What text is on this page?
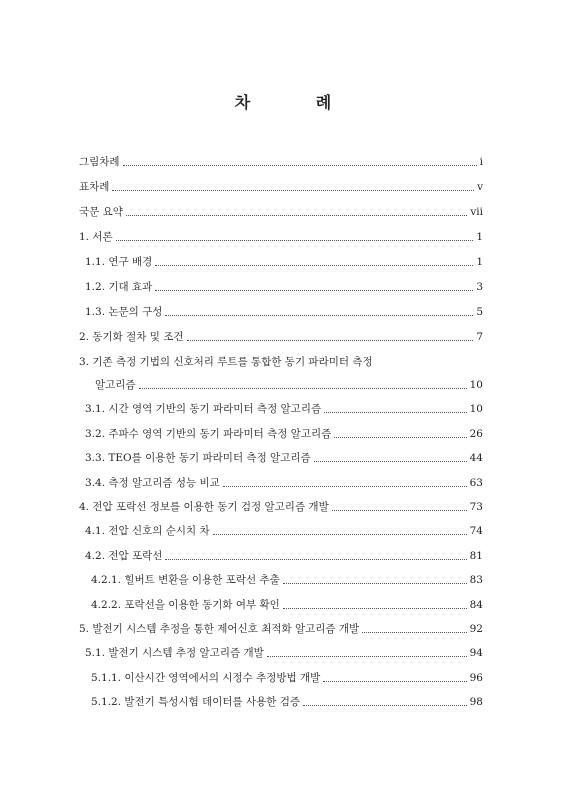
차 례
그림차례	i
표차례	v
국문 요약	vii
1. 서론	1
1.1. 연구 배경	1
1.2. 기대 효과	3
1.3. 논문의 구성	5
2. 동기화 절차 및 조건	7
3. 기존 측정 기법의 신호처리 루트를 통합한 동기 파라미터 측정
알고리즘	10
3.1. 시간 영역 기반의 동기 파라미터 측정 알고리즘	10
3.2. 주파수 영역 기반의 동기 파라미터 측정 알고리즘	26
3.3. TEO를 이용한 동기 파라미터 측정 알고리즘	44
3.4. 측정 알고리즘 성능 비교	63
4. 전압 포락선 정보를 이용한 동기 검정 알고리즘 개발	73
4.1. 전압 신호의 순시치 차	74
4.2. 전압 포락선	81
4.2.1. 힐버트 변환을 이용한 포락선 추출	83
4.2.2. 포락선을 이용한 동기화 여부 확인	84
5. 발전기 시스템 추정을 통한 제어신호 최적화 알고리즘 개발	92
5.1. 발전기 시스템 추정 알고리즘 개발	94
5.1.1. 이산시간 영역에서의 시정수 추정방법 개발	96
5.1.2. 발전기 특성시험 데이터를 사용한 검증	98
